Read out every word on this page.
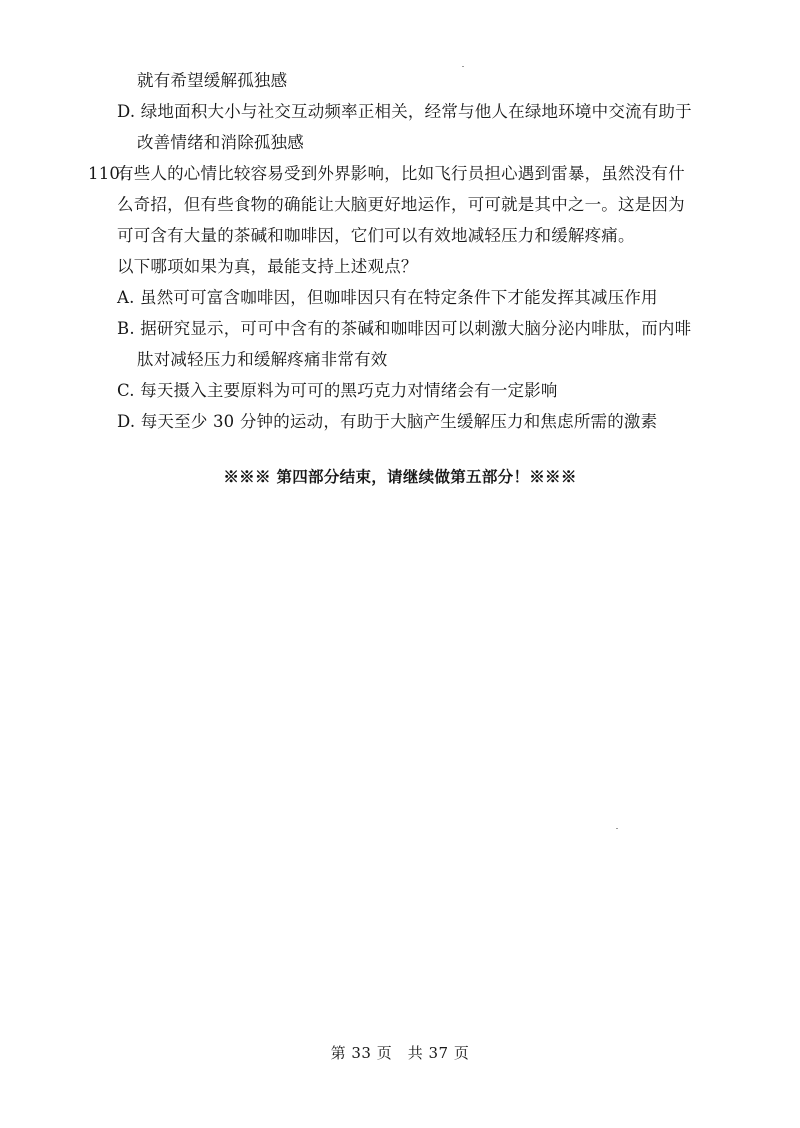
就有希望缓解孤独感
D. 绿地面积大小与社交互动频率正相关，经常与他人在绿地环境中交流有助于
改善情绪和消除孤独感
110.
有些人的心情比较容易受到外界影响，比如飞行员担心遇到雷暴，虽然没有什
么奇招，但有些食物的确能让大脑更好地运作，可可就是其中之一。这是因为
可可含有大量的茶碱和咖啡因，它们可以有效地减轻压力和缓解疼痛。
以下哪项如果为真，最能支持上述观点？
A. 虽然可可富含咖啡因，但咖啡因只有在特定条件下才能发挥其减压作用
B. 据研究显示，可可中含有的茶碱和咖啡因可以刺激大脑分泌内啡肽，而内啡
肽对减轻压力和缓解疼痛非常有效
C. 每天摄入主要原料为可可的黑巧克力对情绪会有一定影响
D. 每天至少 30 分钟的运动，有助于大脑产生缓解压力和焦虑所需的激素
※※※ 第四部分结束，请继续做第五部分！※※※
第 33 页　共 37 页
